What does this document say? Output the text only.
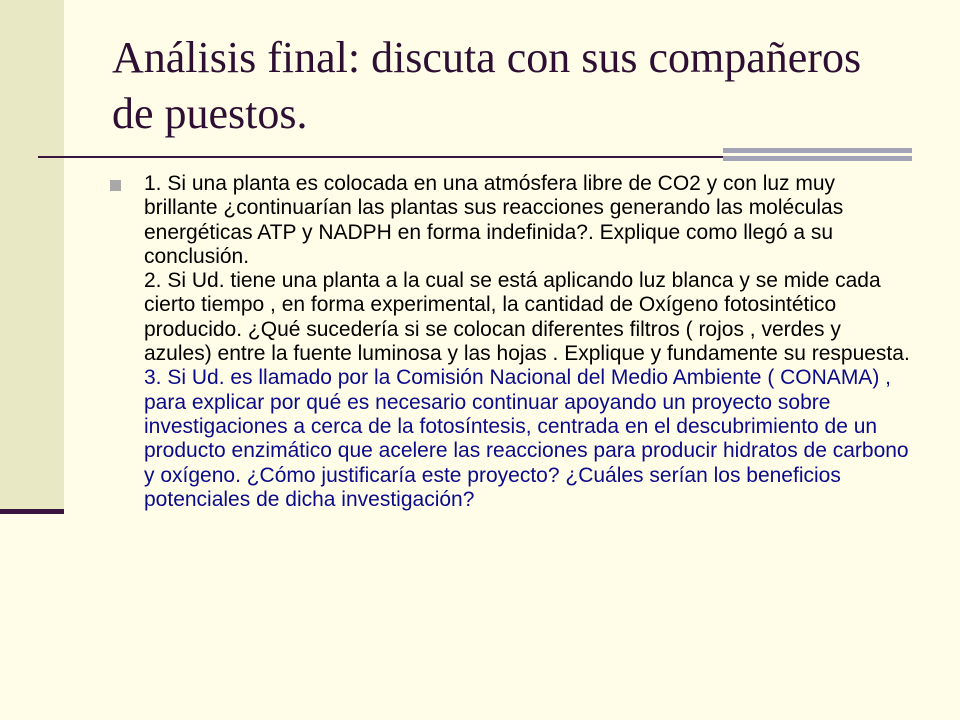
Análisis final: discuta con sus compañeros de puestos.

1. Si una planta es colocada en una atmósfera libre de CO2 y con luz muy brillante ¿continuarían las plantas sus reacciones generando las moléculas energéticas ATP y NADPH en forma indefinida?. Explique como llegó a su conclusión.

2. Si Ud. tiene una planta a la cual se está aplicando luz blanca y se mide cada cierto tiempo , en forma experimental, la cantidad de Oxígeno fotosintético producido. ¿Qué sucedería si se colocan diferentes filtros ( rojos , verdes y azules) entre la fuente luminosa y las hojas . Explique y fundamente su respuesta.

3. Si Ud. es llamado por la Comisión Nacional del Medio Ambiente ( CONAMA) , para explicar por qué es necesario continuar apoyando un proyecto sobre investigaciones a cerca de la fotosíntesis, centrada en el descubrimiento de un producto enzimático que acelere las reacciones para producir hidratos de carbono y oxígeno. ¿Cómo justificaría este proyecto? ¿Cuáles serían los beneficios potenciales de dicha investigación?
